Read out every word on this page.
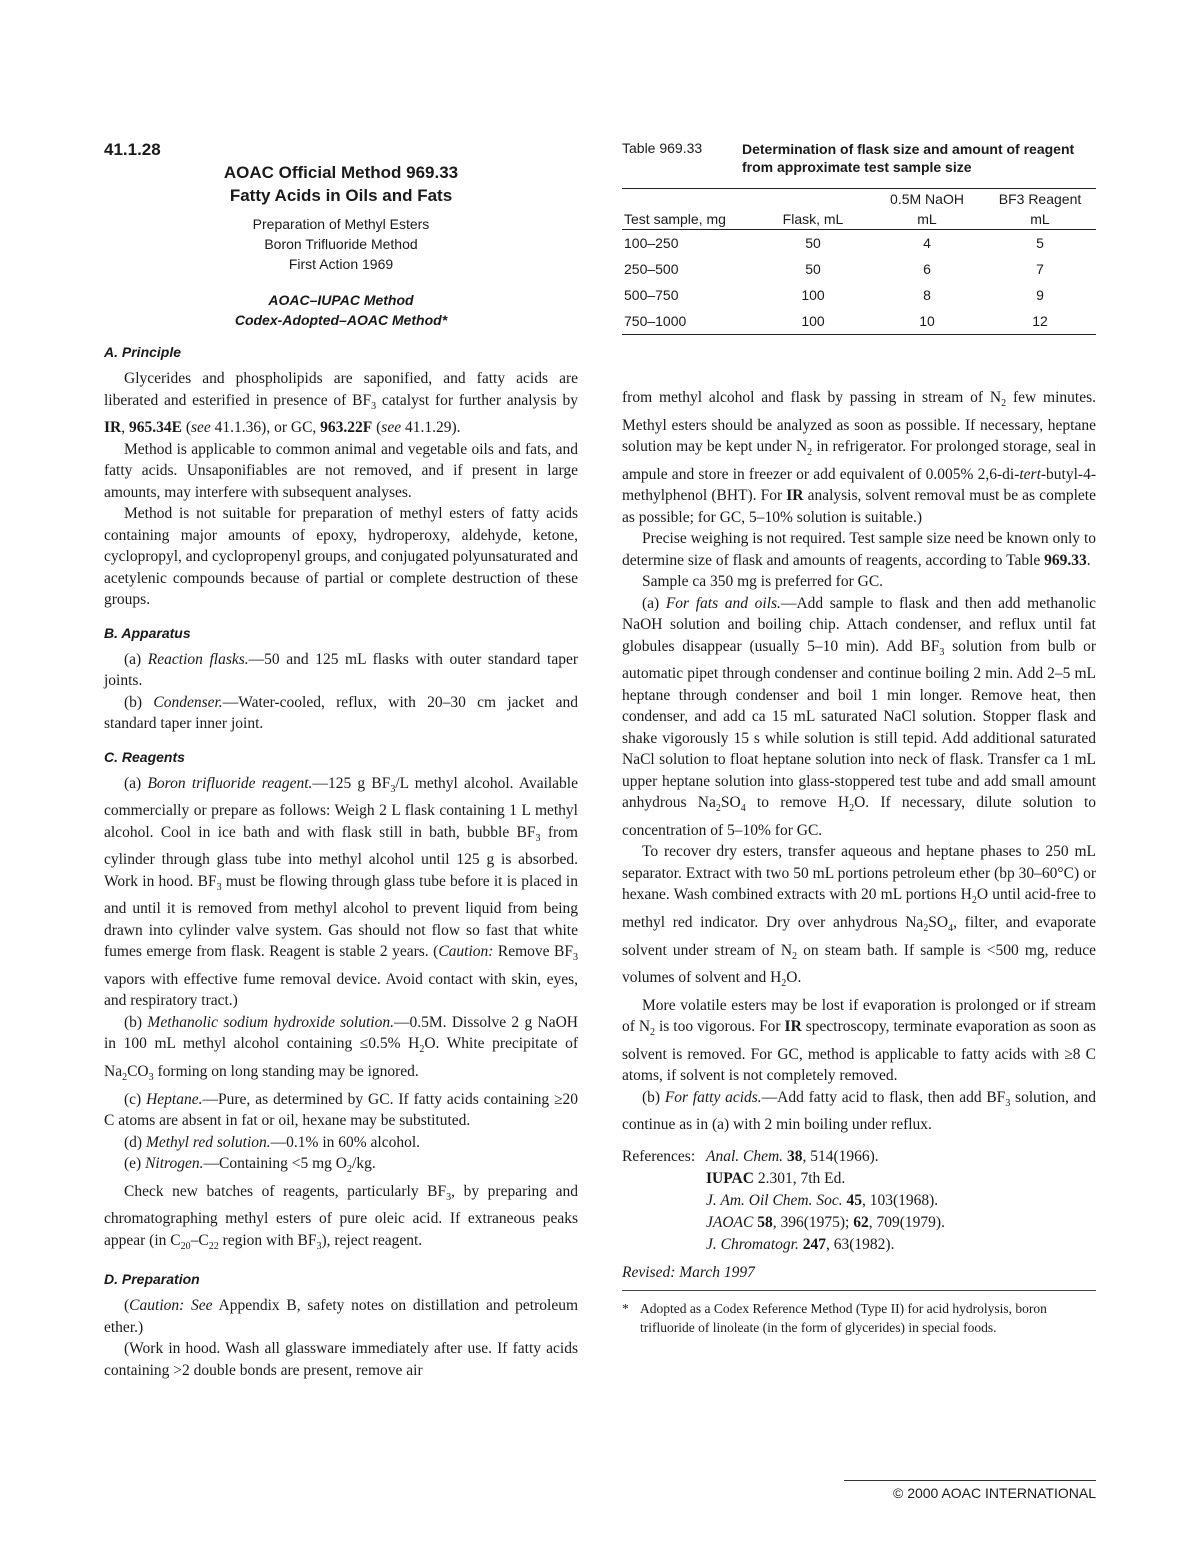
41.1.28
AOAC Official Method 969.33
Fatty Acids in Oils and Fats
Preparation of Methyl Esters
Boron Trifluoride Method
First Action 1969
AOAC–IUPAC Method
Codex-Adopted–AOAC Method*
A. Principle

Glycerides and phospholipids are saponified, and fatty acids are liberated and esterified in presence of $BF_3$ catalyst for further analysis by IR, 965.34E (see 41.1.36), or GC, 963.22F (see 41.1.29).

Method is applicable to common animal and vegetable oils and fats, and fatty acids. Unsaponifiables are not removed, and if present in large amounts, may interfere with subsequent analyses.

Method is not suitable for preparation of methyl esters of fatty acids containing major amounts of epoxy, hydroperoxy, aldehyde, ketone, cyclopropyl, and cyclopropenyl groups, and conjugated polyunsaturated and acetylenic compounds because of partial or complete destruction of these groups.

B. Apparatus

(a) Reaction flasks.—50 and 125 mL flasks with outer standard taper joints.

(b) Condenser.—Water-cooled, reflux, with 20–30 cm jacket and standard taper inner joint.

C. Reagents

(a) Boron trifluoride reagent.—125 g $BF_3/L$ methyl alcohol. Available commercially or prepare as follows: Weigh 2 L flask containing 1 L methyl alcohol. Cool in ice bath and with flask still in bath, bubble $BF_3$ from cylinder through glass tube into methyl alcohol until 125 g is absorbed. Work in hood. $BF_3$ must be flowing through glass tube before it is placed in and until it is removed from methyl alcohol to prevent liquid from being drawn into cylinder valve system. Gas should not flow so fast that white fumes emerge from flask. Reagent is stable 2 years. (Caution: Remove $BF_3$ vapors with effective fume removal device. Avoid contact with skin, eyes, and respiratory tract.)

(b) Methanolic sodium hydroxide solution.—0.5M. Dissolve 2 g NaOH in 100 mL methyl alcohol containing ≤0.5% $H_2O$. White precipitate of $Na_2CO_3$ forming on long standing may be ignored.

(c) Heptane.—Pure, as determined by GC. If fatty acids containing ≥20 C atoms are absent in fat or oil, hexane may be substituted.

(d) Methyl red solution.—0.1% in 60% alcohol.

(e) Nitrogen.—Containing <5 mg $O_2/kg$.

Check new batches of reagents, particularly $BF_3$, by preparing and chromatographing methyl esters of pure oleic acid. If extraneous peaks appear (in $C_{20}-C_{22}$ region with $BF_3$), reject reagent.

D. Preparation

(Caution: See Appendix B, safety notes on distillation and petroleum ether.)

(Work in hood. Wash all glassware immediately after use. If fatty acids containing >2 double bonds are present, remove air

Table 969.33	Determination of flask size and amount of reagent from approximate test sample size
		0.5M NaOH	BF3 Reagent
Test sample, mg	Flask, mL	mL	mL
100–250	50	4	5
250–500	50	6	7
500–750	100	8	9
750–1000	100	10	12

from methyl alcohol and flask by passing in stream of $N_2$ few minutes. Methyl esters should be analyzed as soon as possible. If necessary, heptane solution may be kept under $N_2$ in refrigerator. For prolonged storage, seal in ampule and store in freezer or add equivalent of 0.005% 2,6-di-tert-butyl-4-methylphenol (BHT). For IR analysis, solvent removal must be as complete as possible; for GC, 5–10% solution is suitable.)

Precise weighing is not required. Test sample size need be known only to determine size of flask and amounts of reagents, according to Table 969.33.

Sample ca 350 mg is preferred for GC.

(a) For fats and oils.—Add sample to flask and then add methanolic NaOH solution and boiling chip. Attach condenser, and reflux until fat globules disappear (usually 5–10 min). Add $BF_3$ solution from bulb or automatic pipet through condenser and continue boiling 2 min. Add 2–5 mL heptane through condenser and boil 1 min longer. Remove heat, then condenser, and add ca 15 mL saturated NaCl solution. Stopper flask and shake vigorously 15 s while solution is still tepid. Add additional saturated NaCl solution to float heptane solution into neck of flask. Transfer ca 1 mL upper heptane solution into glass-stoppered test tube and add small amount anhydrous $Na_2SO_4$ to remove $H_2O$. If necessary, dilute solution to concentration of 5–10% for GC.

To recover dry esters, transfer aqueous and heptane phases to 250 mL separator. Extract with two 50 mL portions petroleum ether (bp 30–60°C) or hexane. Wash combined extracts with 20 mL portions $H_2O$ until acid-free to methyl red indicator. Dry over anhydrous $Na_2SO_4$, filter, and evaporate solvent under stream of $N_2$ on steam bath. If sample is <500 mg, reduce volumes of solvent and $H_2O$.

More volatile esters may be lost if evaporation is prolonged or if stream of $N_2$ is too vigorous. For IR spectroscopy, terminate evaporation as soon as solvent is removed. For GC, method is applicable to fatty acids with ≥8 C atoms, if solvent is not completely removed.

(b) For fatty acids.—Add fatty acid to flask, then add $BF_3$ solution, and continue as in (a) with 2 min boiling under reflux.

References: Anal. Chem. 38, 514(1966).
IUPAC 2.301, 7th Ed.
J. Am. Oil Chem. Soc. 45, 103(1968).
JAOAC 58, 396(1975); 62, 709(1979).
J. Chromatogr. 247, 63(1982).
Revised: March 1997
* Adopted as a Codex Reference Method (Type II) for acid hydrolysis, boron trifluoride of linoleate (in the form of glycerides) in special foods.
© 2000 AOAC INTERNATIONAL
